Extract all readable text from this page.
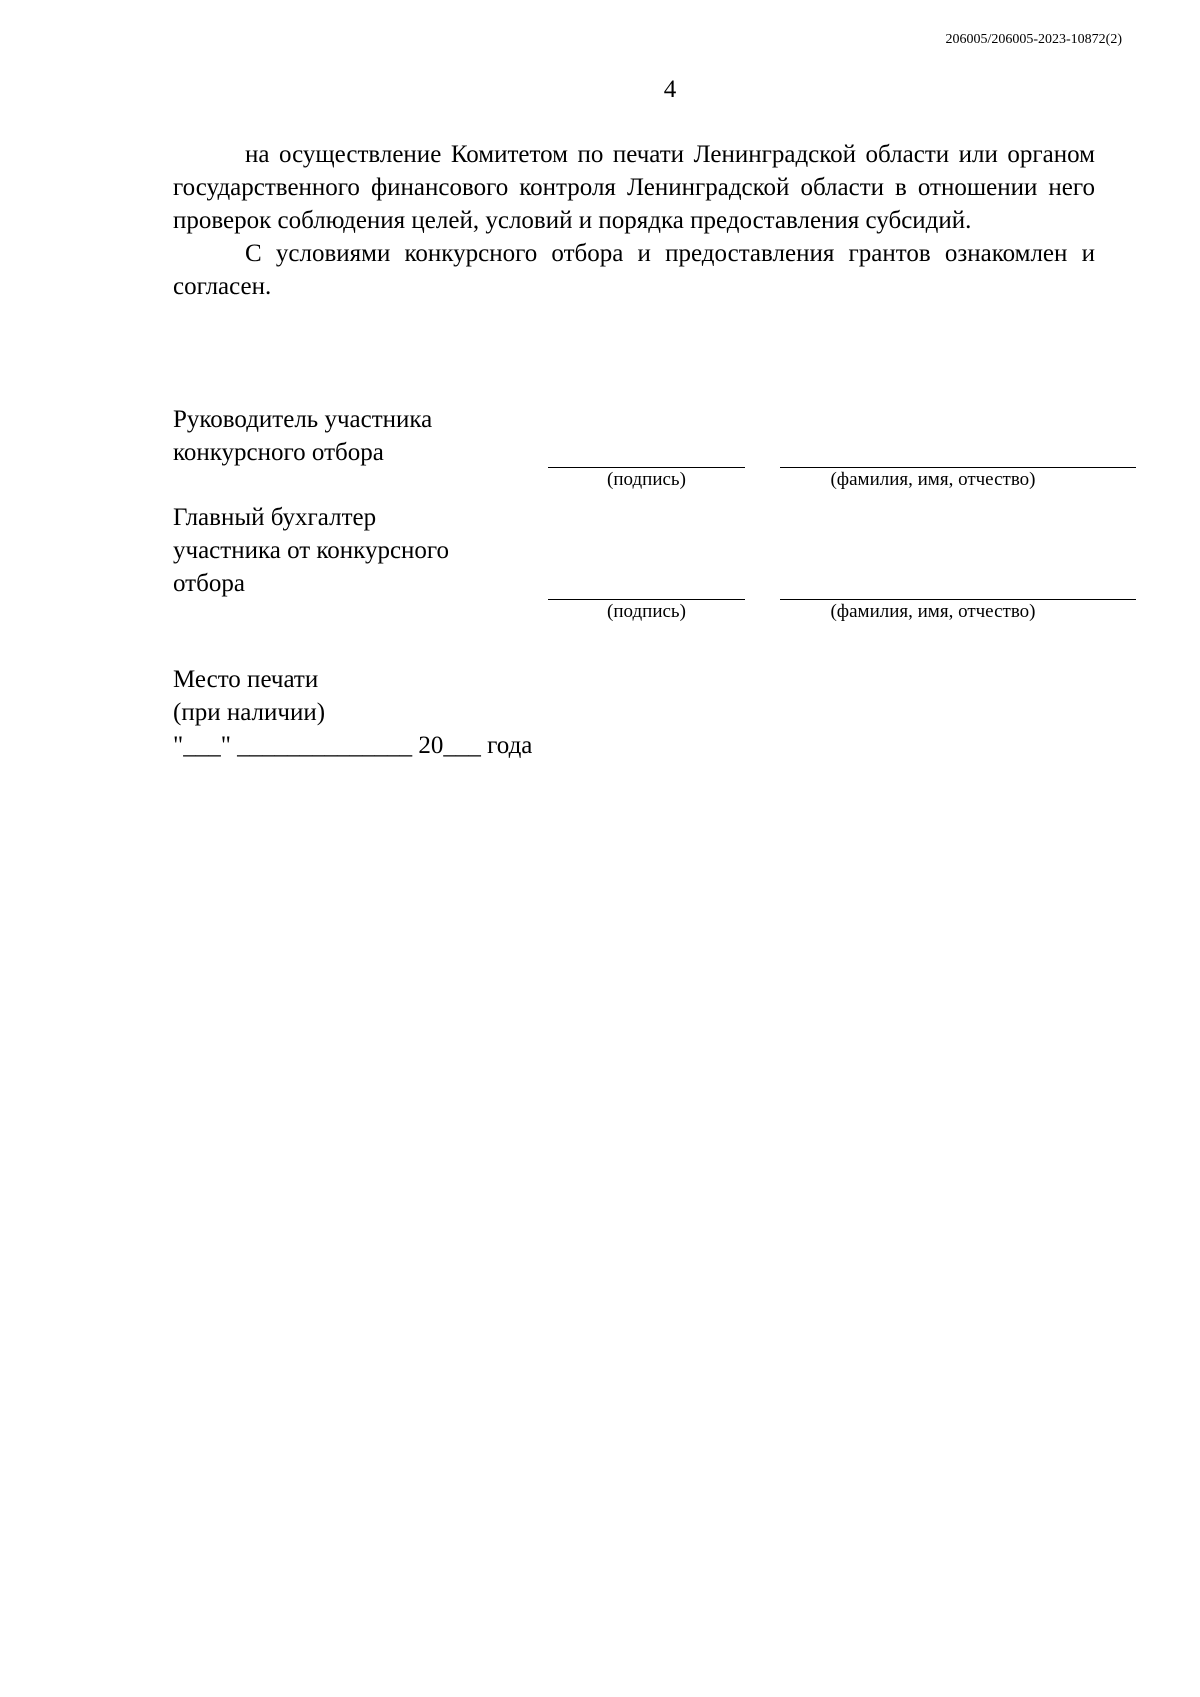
206005/206005-2023-10872(2)
4

на осуществление Комитетом по печати Ленинградской области или органом государственного финансового контроля Ленинградской области в отношении него проверок соблюдения целей, условий и порядка предоставления субсидий.

С условиями конкурсного отбора и предоставления грантов ознакомлен и согласен.

Руководитель участника
конкурсного отбора
(подпись)	(фамилия, имя, отчество)
Главный бухгалтер
участника от конкурсного
отбора
(подпись)	(фамилия, имя, отчество)
Место печати
(при наличии)
"___" ______________ 20___ года
